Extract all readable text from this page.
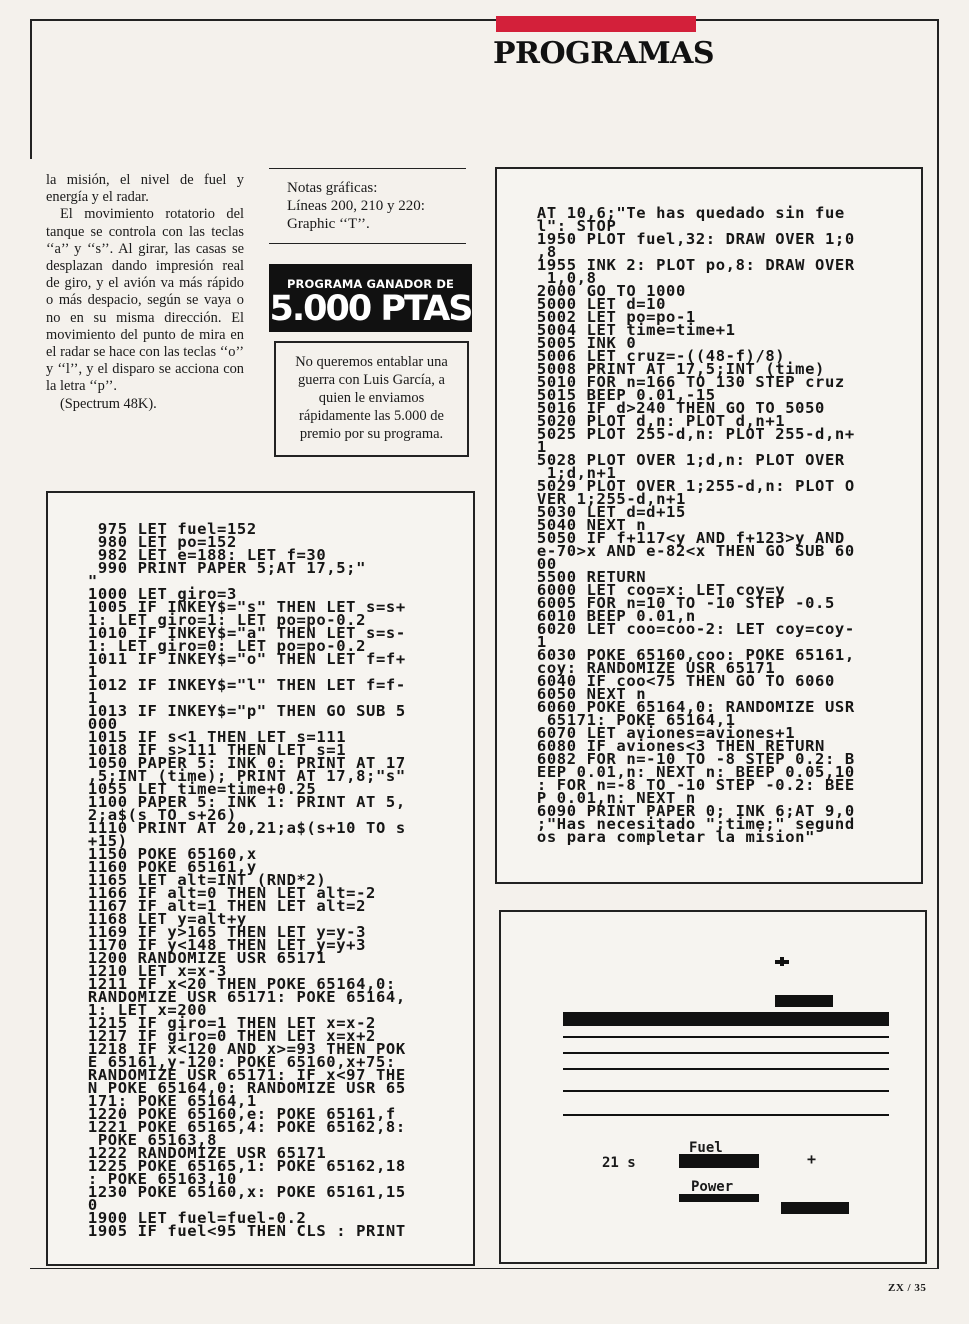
PROGRAMAS

la misión, el nivel de fuel y energía y el radar.

El movimiento rotatorio del tanque se controla con las teclas ‘‘a’’ y ‘‘s’’. Al girar, las casas se desplazan dando impresión real de giro, y el avión va más rápido o más despacio, según se vaya o no en su misma dirección. El movimiento del punto de mira en el radar se hace con las teclas ‘‘o’’ y ‘‘l’’, y el disparo se acciona con la letra ‘‘p’’.

(Spectrum 48K).

Notas gráficas:
Líneas 200, 210 y 220:
Graphic ‘‘T’’.
PROGRAMA GANADOR DE
5.000 PTAS
No queremos entablar una guerra con Luis García, a quien le enviamos rápidamente las 5.000 de premio por su programa.
975 LET fuel=152
980 LET po=152
982 LET e=188: LET f=30
990 PRINT PAPER 5;AT 17,5;"
"
1000 LET giro=3
1005 IF INKEY$="s" THEN LET s=s+
1: LET giro=1: LET po=po-0.2
1010 IF INKEY$="a" THEN LET s=s-
1: LET giro=0: LET po=po-0.2
1011 IF INKEY$="o" THEN LET f=f+
1
1012 IF INKEY$="l" THEN LET f=f-
1
1013 IF INKEY$="p" THEN GO SUB 5
000
1015 IF s<1 THEN LET s=111
1018 IF s>111 THEN LET s=1
1050 PAPER 5: INK 0: PRINT AT 17
,5;INT (time); PRINT AT 17,8;"s"
1055 LET time=time+0.25
1100 PAPER 5: INK 1: PRINT AT 5,
2;a$(s TO s+26)
1110 PRINT AT 20,21;a$(s+10 TO s
+15)
1150 POKE 65160,x
1160 POKE 65161,y
1165 LET alt=INT (RND*2)
1166 IF alt=0 THEN LET alt=-2
1167 IF alt=1 THEN LET alt=2
1168 LET y=alt+y
1169 IF y>165 THEN LET y=y-3
1170 IF y<148 THEN LET y=y+3
1200 RANDOMIZE USR 65171
1210 LET x=x-3
1211 IF x<20 THEN POKE 65164,0:
RANDOMIZE USR 65171: POKE 65164,
1: LET x=200
1215 IF giro=1 THEN LET x=x-2
1217 IF giro=0 THEN LET x=x+2
1218 IF x<120 AND x>=93 THEN POK
E 65161,y-120: POKE 65160,x+75:
RANDOMIZE USR 65171: IF x<97 THE
N POKE 65164,0: RANDOMIZE USR 65
171: POKE 65164,1
1220 POKE 65160,e: POKE 65161,f
1221 POKE 65165,4: POKE 65162,8:
POKE 65163,8
1222 RANDOMIZE USR 65171
1225 POKE 65165,1: POKE 65162,18
: POKE 65163,10
1230 POKE 65160,x: POKE 65161,15
0
1900 LET fuel=fuel-0.2
1905 IF fuel<95 THEN CLS : PRINT
AT 10,6;"Te has quedado sin fue
l": STOP
1950 PLOT fuel,32: DRAW OVER 1;0
,8
1955 INK 2: PLOT po,8: DRAW OVER
1,0,8
2000 GO TO 1000
5000 LET d=10
5002 LET po=po-1
5004 LET time=time+1
5005 INK 0
5006 LET cruz=-((48-f)/8)
5008 PRINT AT 17,5;INT (time)
5010 FOR n=166 TO 130 STEP cruz
5015 BEEP 0.01,-15
5016 IF d>240 THEN GO TO 5050
5020 PLOT d,n: PLOT d,n+1
5025 PLOT 255-d,n: PLOT 255-d,n+
1
5028 PLOT OVER 1;d,n: PLOT OVER
1;d,n+1
5029 PLOT OVER 1;255-d,n: PLOT O
VER 1;255-d,n+1
5030 LET d=d+15
5040 NEXT n
5050 IF f+117<y AND f+123>y AND
e-70>x AND e-82<x THEN GO SUB 60
00
5500 RETURN
6000 LET coo=x: LET coy=y
6005 FOR n=10 TO -10 STEP -0.5
6010 BEEP 0.01,n
6020 LET coo=coo-2: LET coy=coy-
1
6030 POKE 65160,coo: POKE 65161,
coy: RANDOMIZE USR 65171
6040 IF coo<75 THEN GO TO 6060
6050 NEXT n
6060 POKE 65164,0: RANDOMIZE USR
65171: POKE 65164,1
6070 LET aviones=aviones+1
6080 IF aviones<3 THEN RETURN
6082 FOR n=-10 TO -8 STEP 0.2: B
EEP 0.01,n: NEXT n: BEEP 0.05,10
: FOR n=-8 TO -10 STEP -0.2: BEE
P 0.01,n: NEXT n
6090 PRINT PAPER 0; INK 6;AT 9,0
;"Has necesitado ";time;" segund
os para completar la mision"
21 s
Fuel
Power
+
ZX / 35
